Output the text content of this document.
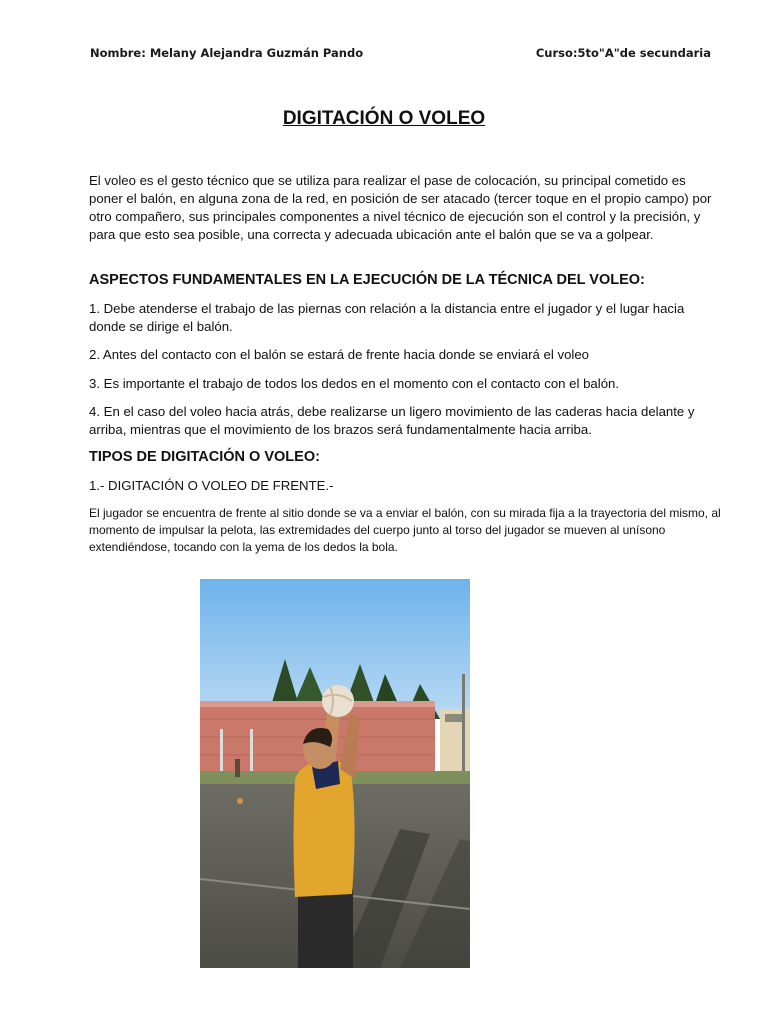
Nombre: Melany Alejandra Guzmán Pando	Curso:5to"A"de secundaria
DIGITACIÓN O VOLEO

El voleo es el gesto técnico que se utiliza para realizar el pase de colocación, su principal cometido es poner el balón, en alguna zona de la red, en posición de ser atacado (tercer toque en el propio campo) por otro compañero, sus principales componentes a nivel técnico de ejecución son el control y la precisión, y para que esto sea posible, una correcta y adecuada ubicación ante el balón que se va a golpear.

ASPECTOS FUNDAMENTALES EN LA EJECUCIÓN DE LA TÉCNICA DEL VOLEO:

1. Debe atenderse el trabajo de las piernas con relación a la distancia entre el jugador y el lugar hacia donde se dirige el balón.

2. Antes del contacto con el balón se estará de frente hacia donde se enviará el voleo

3. Es importante el trabajo de todos los dedos en el momento con el contacto con el balón.

4. En el caso del voleo hacia atrás, debe realizarse un ligero movimiento de las caderas hacia delante y arriba, mientras que el movimiento de los brazos será fundamentalmente hacia arriba.

TIPOS DE DIGITACIÓN O VOLEO:

1.- DIGITACIÓN O VOLEO DE FRENTE.-

El jugador se encuentra de frente al sitio donde se va a enviar el balón, con su mirada fija a la trayectoria del mismo, al momento de impulsar la pelota, las extremidades del cuerpo junto al torso del jugador se mueven al unísono extendiéndose, tocando con la yema de los dedos la bola.
